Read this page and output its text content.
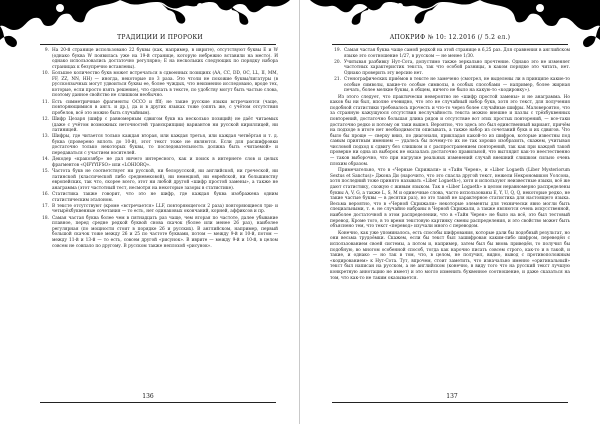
ТРАДИЦИИ И ПРОРОКИ
9. На 20-й странице использовано 22 буквы (как, например, в иврите), отсутствуют буквы E и W (однако буква W появилась уже на 19-й странице, которую небрежно вставили на место). И однако использовались достаточно регулярно; E на нескольких следующих по порядку набора страницах к безупречно вставлены).
10. Большое количество букв может встречаться в сдвоенных позициях (AA, CC, DD, OC, LL, II, MM, FF, ZZ, NN, HH) — иногда, некоторые по 3 раза. Это чтоли не похожие буквы/лигатуры (в русскоязычных могут удвоиться буквы ее, более чуждых, что неизменно исследовано, вроде тех, которые, если просто взять решение), что сделать в тексте, по удобству могут быть частью слова, поэтому данное свойство не слишком необычно.
11. Есть симметричные фрагменты OCCO и fflf; не такие русские языки встречаются (чаще, повторяющимися в англ. и др.), да и в других языках тоже (опять же, с учётом отсутствия пробелов, всё это можно быть случайным).
12. Шифр Цезаря (шифр с равномерным сдвигом букв на несколько позиций) не даёт читаемых (даже с учётом возможных неточностей транскрипции) вариантов ни русской кириллицей, ни латиницей.
13. Шифры, где читается только каждая вторая, или каждая третья, или каждая четвёртая и т. д. буква (проверено вплоть до 10-й), этот текст тоже не являются. Если для расшифровки достаточно только некоторых буквы, то последовательность должна быть «читаемой» и передаваться с участием носителей.
14. Декодер «кракозябр» не дал ничего интересного, как и поиск в интернете слов и целых фрагментов «QIFYYIFSO» или «LOHIORQ».
15. Частота букв не соответствует ни русской, ни белорусской, ни английской, ни греческой, ни латинской (классической либо средневековой), ни немецкой, ни еврейской, ни большинству европейских, так что, скорее всего, этот ни любой другой «шифр простой замены», а также не анаграмма (этот частотный тест, несмотря на некоторые зазоры в статистике).
16. Статистика также говорит, что это не шифр, где каждая буква изображена одним статистическим эталоном.
17. В тексте отсутствуют (кроме «встречается» LLF, повторяющегося 2 раза) повторяющиеся три- и четырёхбуквенные сочетания — то есть, нет одинаковых окончаний, корней, аффиксов и пр.
18. Самая частая буква более чем в пятнадцать раз чаще, чем вторая по частоте, далее убывание плавное, перед средне редкой буквой снова скачок (более или менее 26 раз), наиболее регулярная (по мощности стоит в порядке 26 и русских). В английском, например, первый большой скачок тоже между 26 и 25 по частоте буквами, потом — между 9-й и 10-й, потом — между 11-й и 13-й — то есть, совсем другой «рисунок». В иврите — между 9-й и 10-й, в целом совсем не совпало по другому. В русском также неплохой «рисунок».
136
АПОКРИФ № 10: 12.2016 (/ 5.2 ел.)
19. Самая частая буква чаще самой редкой на этой странице в 6,25 раз. Для сравнения в английском языке это соотношение 1/27, в русском — не менее 1/30.
20. Учитывая разбивку Нут-Сота, допустимо также зеркально прочтение. Однако это не изменяет частотных характеристик текста, так что особой разницы, в каком порядке это читать, нет. Однако проверить эту версию нет.
21. Стенографических приёмов в тексте не замечено (смотрел, не выделены ли в принципе какие-то особые символы, какие-то особые символы, в особых способами — например, более жирная печать, более мелкие буквы, в общем, ничего не было на какую-то «кодировку»).

Из этого следует, что практически невероятно не «шифр простой замены» и не анаграмма. Но каков бы ни был, вполне очевидно, что это не случайный набор букв, хотя это текст, для получения подобной статистики требовалось прочесть и что-то через более случайные шифры. Маловероятно, что за странную кажущуюся отсутствия неслучайность текста можно внешне и пазлы с трёхбуквенных повторений, достаточно большая длина рядов и отсутствие вот этих простых повторений, — все-таки достаточно редко и потому он таки вышел. Вероятно, что здесь это был единственный вариант, причём на подходе в итоге нет необходимости описывать, а также набор из сочетаний букв и их сдвигов. Что было бы проще — сверху вниз, по диагонали, прикладая какой-то из шифров, которые известны под самым приятным имением — удалось бы почему-то их не так хорошо изобразить, скажем, учитывая числовой подход к сдвигу без слишком и с распространением повторений, так как при каждой такой проверке ни одна из выборок не оказалась достаточно правильной, что выглядит как-то неестественно — таков выборочно, что при нагрузке реальных изменений случай внешний слишком сильно очень плохим образом.

Примечательно, что в «Черные Скрижали» и «Тайн Черен», и «Liber Logaeth (Liber Mysteriorum Sextus et Sanctus)» Джона Ди (нарочито, что это спасла другой текст, нежели Некрономикон Уолсона, хотя последний тоже принято называть «Liber Logaeth»), хотя и используют неизвестные языки, всё же дают статистику, схожую с живым языком. Так в «Liber Logaeth» в целом неравномерно распределены буквы A, V, G, а также L, S, M и одиночные слова, часто использованы E, Y, U, Q, Q, некоторые редко, не такие частые буквы — в десятки раз), но это такой не характерное статистика для настоящего языка. Весьма вероятно, что в «Черной Скрижали» некоторые элементы для технически явно могли быть специальными, т. е. не случайно набраны в Черной Скрижали, а также являются очень искусственной, наиболее достаточной в этом распределении, что в «Тайн Черен» не было на всё, это был тестовый перевод. Кроме того, в то время текстовую картинку смены распределения, и это свойство может быть объяснено тем, что текст «перевод» изучали много с переводом.

Конечно, как уже упоминалось, есть способы шифрования, которые дали бы подобный результат, но они весьма трудоёмки. Скажем, если бы текст был зашифрован каким-либо шифром, переведён с использованием своей системы, а потом и, например, затем был бы вновь приведён, то получил бы подобную, во многом особенной способ, тогда как нарочно писать совсем строго, как-то и в такой, и такие, и однако — но так в том, что, в целом, не получил, видно, вывод с противоположным «кодированием» к Нут-Сота. Тут, впрочем, стоит заметить, что изначально именно «оригинальный» текст был написан на русском, а не английском (конечно, в виду того что на русский текст лучшую конкретную аннотацию не имеет) и это могло изменить буквенное соотношение, и даже сказаться на том, что как-то не таким оказывается.

137
